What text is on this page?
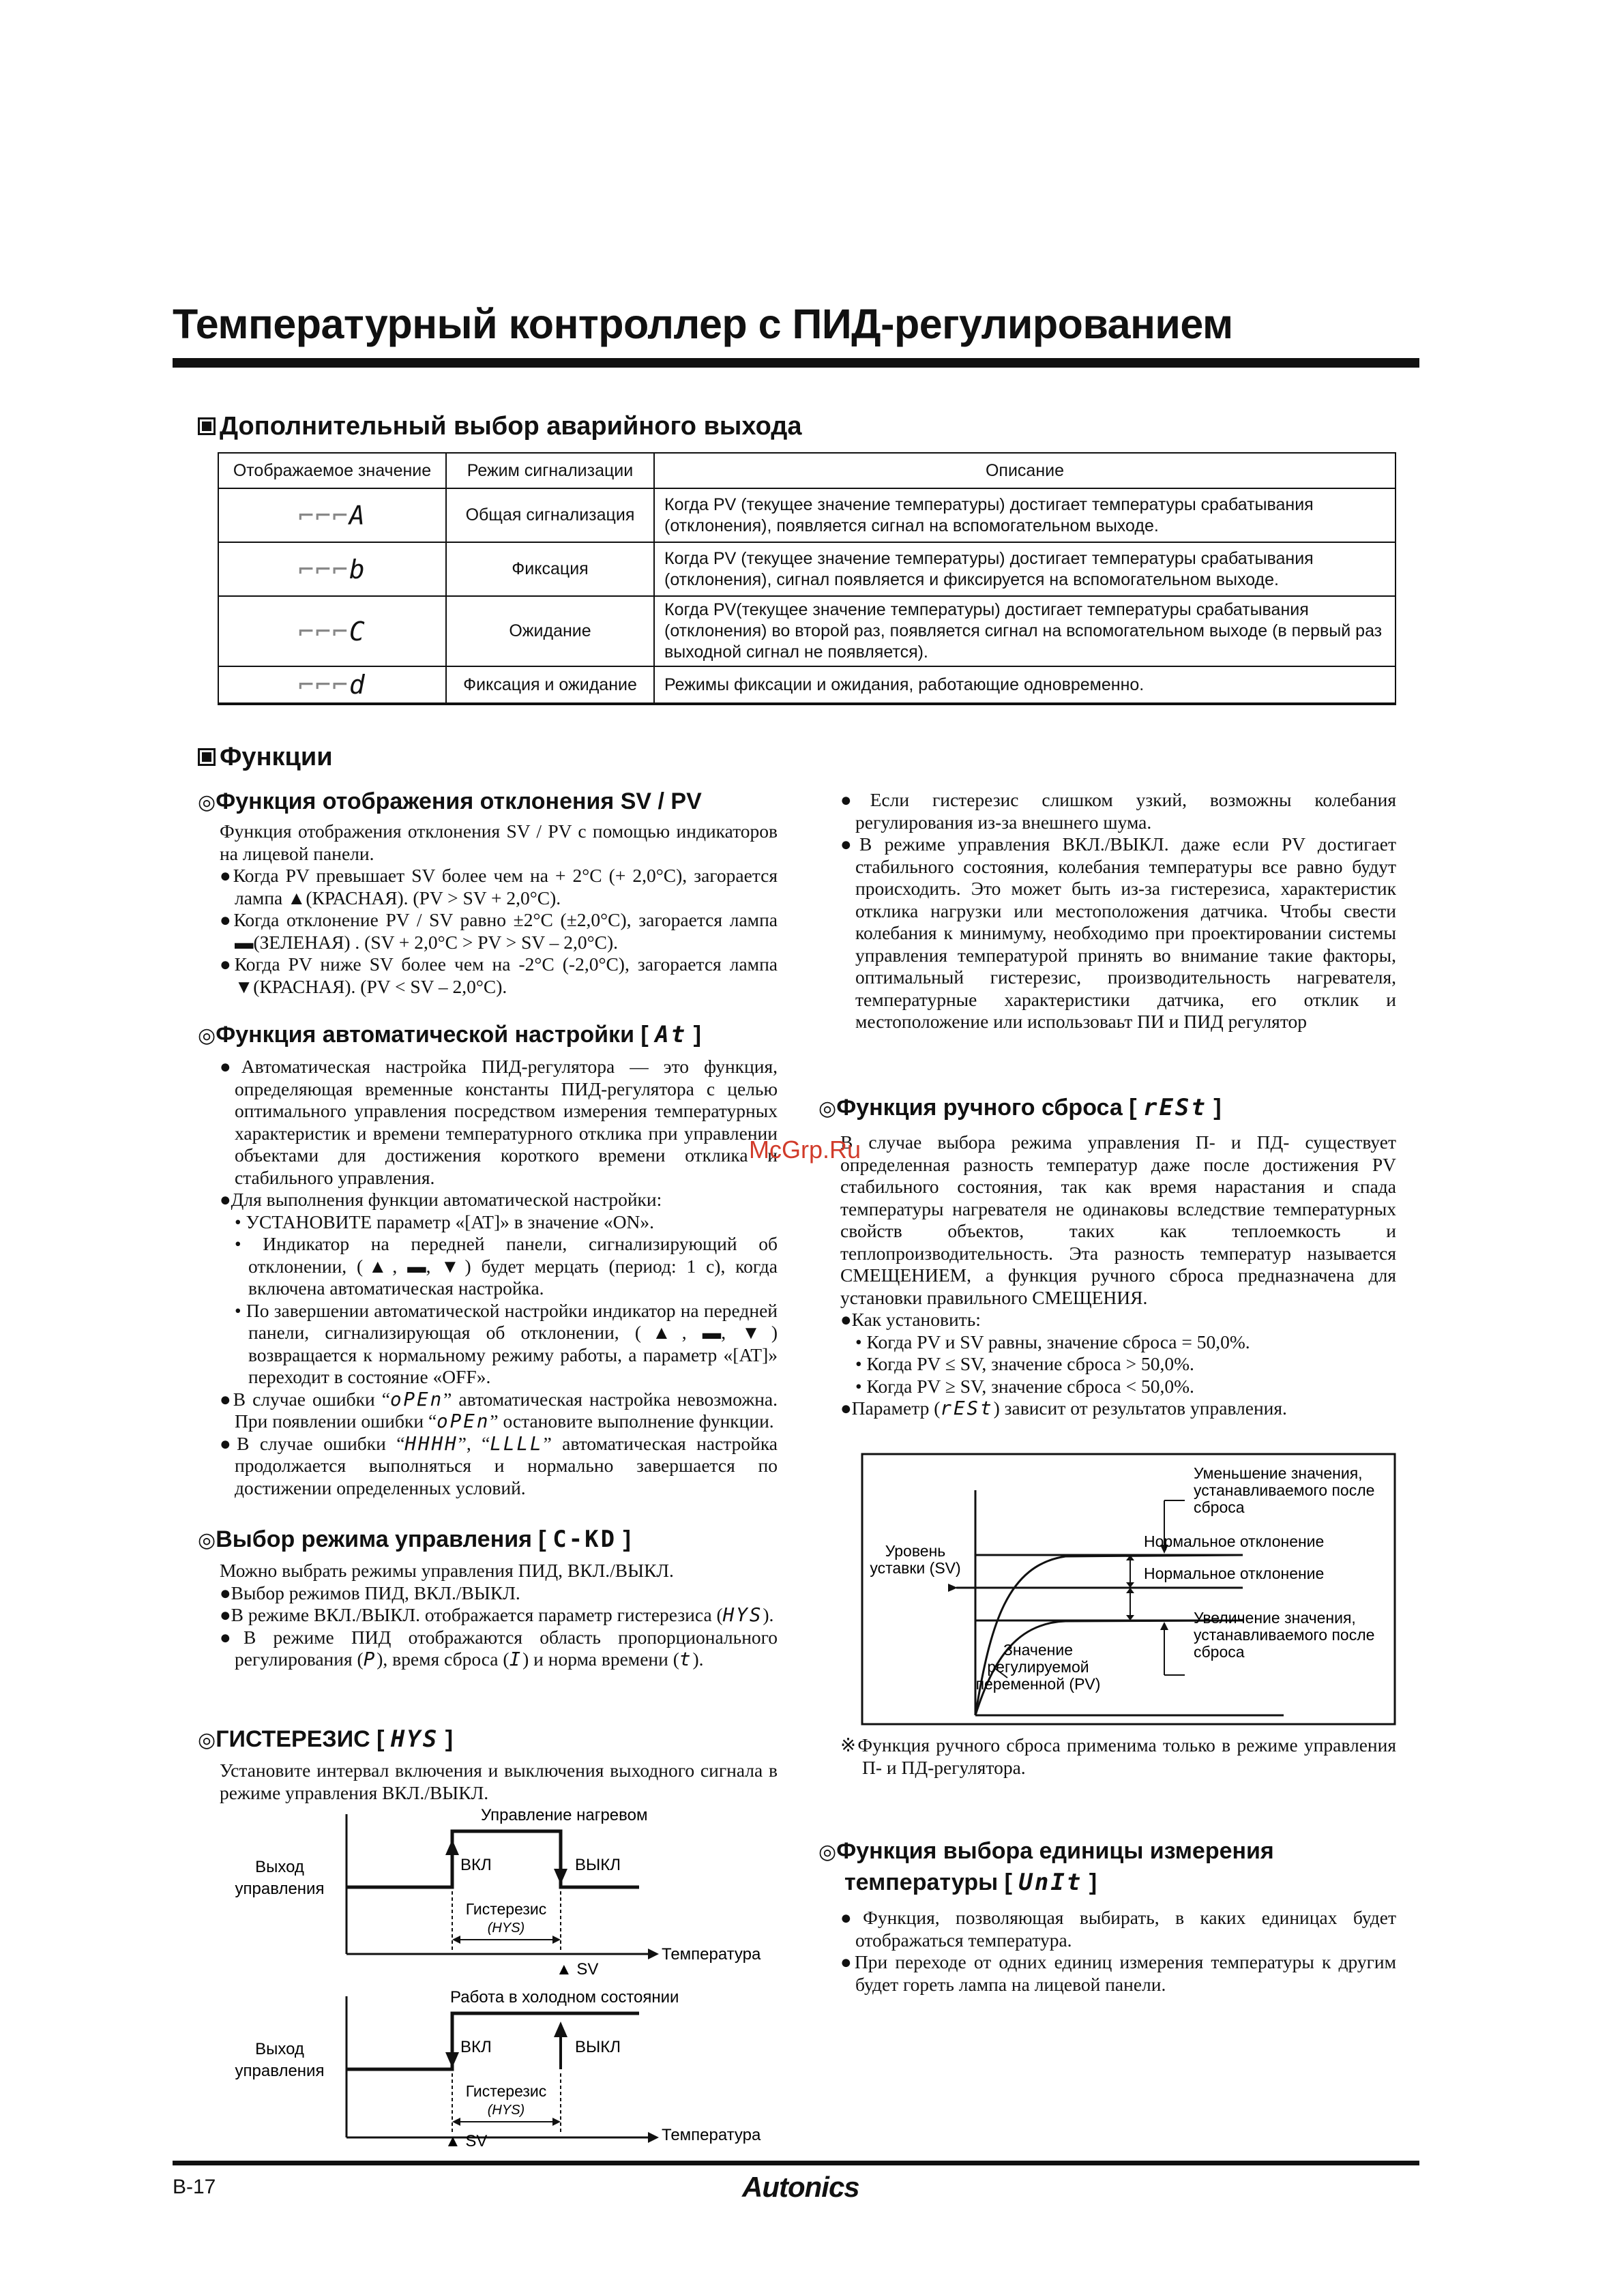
Температурный контроллер с ПИД-регулированием
Дополнительный выбор аварийного выхода
Отображаемое значение	Режим сигнализации	Описание
⌐⌐⌐A	Общая сигнализация	Когда PV (текущее значение температуры) достигает температуры срабатывания (отклонения), появляется сигнал на вспомогательном выходе.
⌐⌐⌐b	Фиксация	Когда PV (текущее значение температуры) достигает температуры срабатывания (отклонения), сигнал появляется и фиксируется на вспомогательном выходе.
⌐⌐⌐C	Ожидание	Когда PV(текущее значение температуры) достигает температуры срабатывания (отклонения) во второй раз, появляется сигнал на вспомогательном выходе (в первый раз выходной сигнал не появляется).
⌐⌐⌐d	Фиксация и ожидание	Режимы фиксации и ожидания, работающие одновременно.
Функции
◎Функция отображения отклонения SV / PV

Функция отображения отклонения SV / PV с помощью индикаторов на лицевой панели.

●Когда PV превышает SV более чем на + 2°C (+ 2,0°C), загорается лампа ▲(КРАСНАЯ). (PV > SV + 2,0°C).

●Когда отклонение PV / SV равно ±2°C (±2,0°C), загорается лампа ▬(ЗЕЛЕНАЯ) . (SV + 2,0°C > PV > SV – 2,0°C).

●Когда PV ниже SV более чем на -2°C (-2,0°C), загорается лампа ▼(КРАСНАЯ). (PV < SV – 2,0°C).

◎Функция автоматической настройки [ At ]

●Автоматическая настройка ПИД-регулятора — это функция, определяющая временные константы ПИД-регулятора с целью оптимального управления посредством измерения температурных характеристик и времени температурного отклика при управлении объектами для достижения короткого времени отклика и стабильного управления.

●Для выполнения функции автоматической настройки:

• УСТАНОВИТЕ параметр «[AT]» в значение «ON».

• Индикатор на передней панели, сигнализирующий об отклонении, (▲, ▬, ▼) будет мерцать (период: 1 с), когда включена автоматическая настройка.

• По завершении автоматической настройки индикатор на передней панели, сигнализирующая об отклонении, (▲, ▬, ▼) возвращается к нормальному режиму работы, а параметр «[AT]» переходит в состояние «OFF».

●В случае ошибки “oPEn” автоматическая настройка невозможна. При появлении ошибки “oPEn” остановите выполнение функции.

●В случае ошибки “HHHH”, “LLLL” автоматическая настройка продолжается выполняться и нормально завершается по достижении определенных условий.

◎Выбор режима управления [ C-KD ]

Можно выбрать режимы управления ПИД, ВКЛ./ВЫКЛ.

●Выбор режимов ПИД, ВКЛ./ВЫКЛ.

●В режиме ВКЛ./ВЫКЛ. отображается параметр гистерезиса (HYS).

●В режиме ПИД отображаются область пропорционального регулирования (P), время сброса (I) и норма времени (t).

◎ГИСТЕРЕЗИС [ HYS ]
Установите интервал включения и выключения выходного сигнала в режиме управления ВКЛ./ВЫКЛ.
Управление нагревом
Выход
управления
ВКЛ	ВЫКЛ
Гистерезис
(HYS)
▲ SV
Температура
Работа в холодном состоянии
Выход
управления
ВКЛ	ВЫКЛ
Гистерезис
(HYS)
▲ SV	Температура

●Если гистерезис слишком узкий, возможны колебания регулирования из-за внешнего шума.

●В режиме управления ВКЛ./ВЫКЛ. даже если PV достигает стабильного состояния, колебания температуры все равно будут происходить. Это может быть из-за гистерезиса, характеристик отклика нагрузки или местоположения датчика. Чтобы свести колебания к минимуму, необходимо при проектировании системы управления температурой принять во внимание такие факторы, оптимальный гистерезис, производительность нагревателя, температурные характеристики датчика, его отклик и местоположение или использоваьт ПИ и ПИД регулятор

◎Функция ручного сброса [ rESt ]

В случае выбора режима управления П- и ПД- существует определенная разность температур даже после достижения PV стабильного состояния, так как время нарастания и спада температуры нагревателя не одинаковы вследствие температурных свойств объектов, таких как теплоемкость и теплопроизводительность. Эта разность температур называется СМЕЩЕНИЕМ, а функция ручного сброса предназначена для установки правильного СМЕЩЕНИЯ.

●Как установить:

• Когда PV и SV равны, значение сброса = 50,0%.

• Когда PV ≤ SV, значение сброса > 50,0%.

• Когда PV ≥ SV, значение сброса < 50,0%.

●Параметр (rESt) зависит от результатов управления.

Уменьшение значения,
устанавливаемого после
сброса
Нормальное отклонение
Нормальное отклонение
Уровень
уставки (SV)
Увеличение значения,
устанавливаемого после
сброса
Значение
регулируемой
переменной (PV)
※Функция ручного сброса применима только в режиме управления П- и ПД-регулятора.
◎Функция выбора единицы измерения
температуры [ UnIt ]

●Функция, позволяющая выбирать, в каких единицах будет отображаться температура.

●При переходе от одних единиц измерения температуры к другим будет гореть лампа на лицевой панели.

McGrp.Ru
B-17	Autonics
